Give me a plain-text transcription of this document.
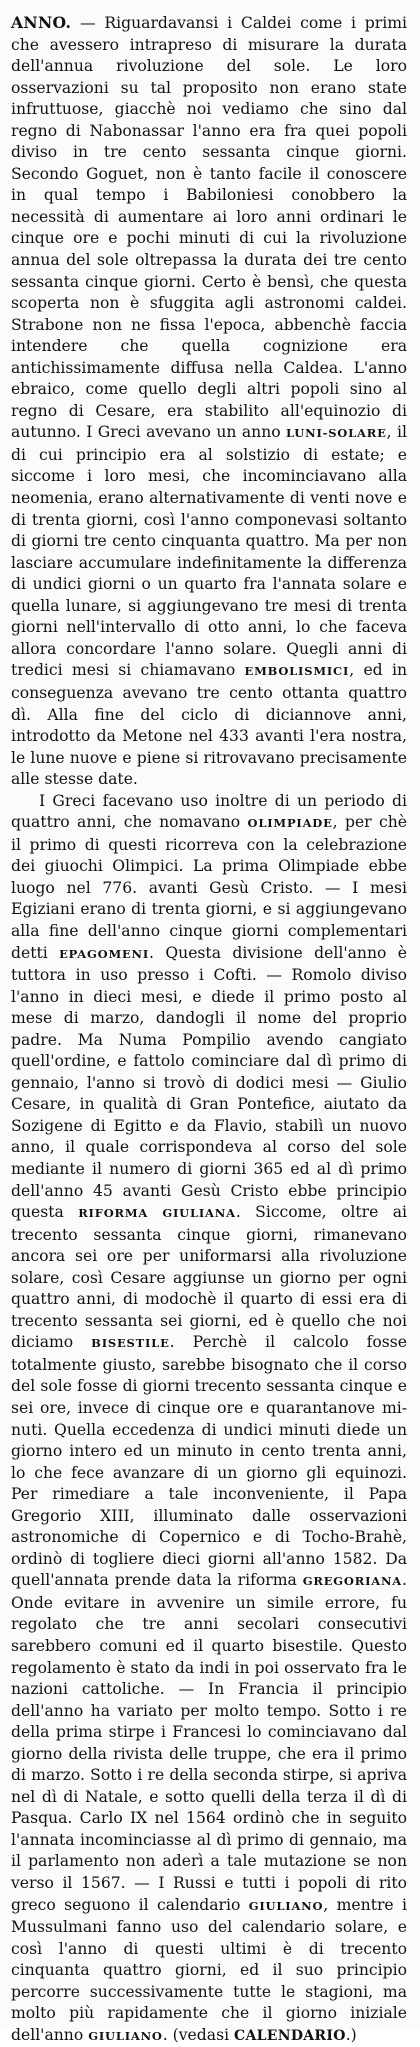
ANNO. — Riguardavansi i Caldei come i primi che avessero intrapreso di misurare la durata dell'annua rivoluzione del sole. Le loro osservazioni su tal proposito non erano state infruttuose, giacchè noi vediamo che sino dal regno di Nabonassar l'anno era fra quei popoli diviso in tre cento sessanta cinque giorni. Secondo Goguet, non è tanto facile il conoscere in qual tempo i Babiloniesi conobbero la necessità di aumentare ai loro anni ordinari le cinque ore e pochi minuti di cui la rivoluzione annua del sole oltrepassa la durata dei tre cento sessanta cinque giorni. Certo è bensì, che questa scoperta non è sfuggita agli astronomi caldei. Strabone non ne fissa l'epoca, abbenchè faccia intendere che quella cognizione era antichissimamente diffusa nella Caldea. L'anno ebraico, come quello degli altri popoli sino al regno di Cesare, era stabilito all'equinozio di autunno. I Greci avevano un anno LUNI-SOLARE, il di cui principio era al solstizio di estate; e siccome i loro mesi, che incominciavano alla neomenia, erano alternativamente di venti nove e di trenta giorni, così l'anno componevasi soltanto di giorni tre cento cinquanta quattro. Ma per non lasciare accumulare indefinitamente la differenza di undici giorni o un quarto fra l'annata solare e quella lunare, si aggiungevano tre mesi di trenta giorni nell'intervallo di otto anni, lo che faceva allora concordare l'anno solare. Quegli anni di tredici mesi si chiamavano EMBOLISMICI, ed in conseguenza avevano tre cento ottanta quattro dì. Alla fine del ciclo di diciannove anni, introdotto da Metone nel 433 avanti l'era nostra, le lune nuove e piene si ritrovavano precisamente alle stesse date.

I Greci facevano uso inoltre di un periodo di quattro anni, che nomavano OLIMPIADE, per chè il primo di questi ricorreva con la celebrazione dei giuochi Olimpici. La prima Olimpiade ebbe luogo nel 776. avanti Gesù Cristo. — I mesi Egiziani erano di trenta giorni, e si aggiungevano alla fine dell'anno cinque giorni complementari detti EPAGOMENI. Questa divisione dell'anno è tuttora in uso presso i Cofti. — Romolo diviso l'anno in dieci mesi, e diede il primo posto al mese di marzo, dandogli il nome del proprio padre. Ma Numa Pompilio avendo cangiato quell'ordine, e fattolo cominciare dal dì primo di gennaio, l'anno si trovò di dodici mesi — Giulio Cesare, in qualità di Gran Pontefice, aiutato da Sozigene di Egitto e da Flavio, stabilì un nuovo anno, il quale corrispondeva al corso del sole mediante il numero di giorni 365 ed al dì primo dell'anno 45 avanti Gesù Cristo ebbe principio questa RIFORMA GIULIANA. Siccome, oltre ai trecento sessanta cinque giorni, rimanevano ancora sei ore per uniformarsi alla rivoluzione solare, così Cesare aggiunse un giorno per ogni quattro anni, di modochè il quarto di essi era di trecento sessanta sei giorni, ed è quello che noi diciamo BISESTILE. Perchè il calcolo fosse totalmente giusto, sarebbe bisognato che il corso del sole fosse di giorni trecento sessanta cinque e sei ore, invece di cinque ore e quarantanove minuti. Quella eccedenza di undici minuti diede un giorno intero ed un minuto in cento trenta anni, lo che fece avanzare di un giorno gli equinozi. Per rimediare a tale inconveniente, il Papa Gregorio XIII, illuminato dalle osservazioni astronomiche di Copernico e di Tocho-Brahè, ordinò di togliere dieci giorni all'anno 1582. Da quell'annata prende data la riforma GREGORIANA. Onde evitare in avvenire un simile errore, fu regolato che tre anni secolari consecutivi sarebbero comuni ed il quarto bisestile. Questo regolamento è stato da indi in poi osservato fra le nazioni cattoliche. — In Francia il principio dell'anno ha variato per molto tempo. Sotto i re della prima stirpe i Francesi lo cominciavano dal giorno della rivista delle truppe, che era il primo di marzo. Sotto i re della seconda stirpe, si apriva nel dì di Natale, e sotto quelli della terza il dì di Pasqua. Carlo IX nel 1564 ordinò che in seguito l'annata incominciasse al dì primo di gennaio, ma il parlamento non aderì a tale mutazione se non verso il 1567. — I Russi e tutti i popoli di rito greco seguono il calendario GIULIANO, mentre i Mussulmani fanno uso del calendario solare, e così l'anno di questi ultimi è di trecento cinquanta quattro giorni, ed il suo principio percorre successivamente tutte le stagioni, ma molto più rapidamente che il giorno iniziale dell'anno GIULIANO. (vedasi CALENDARIO.)
